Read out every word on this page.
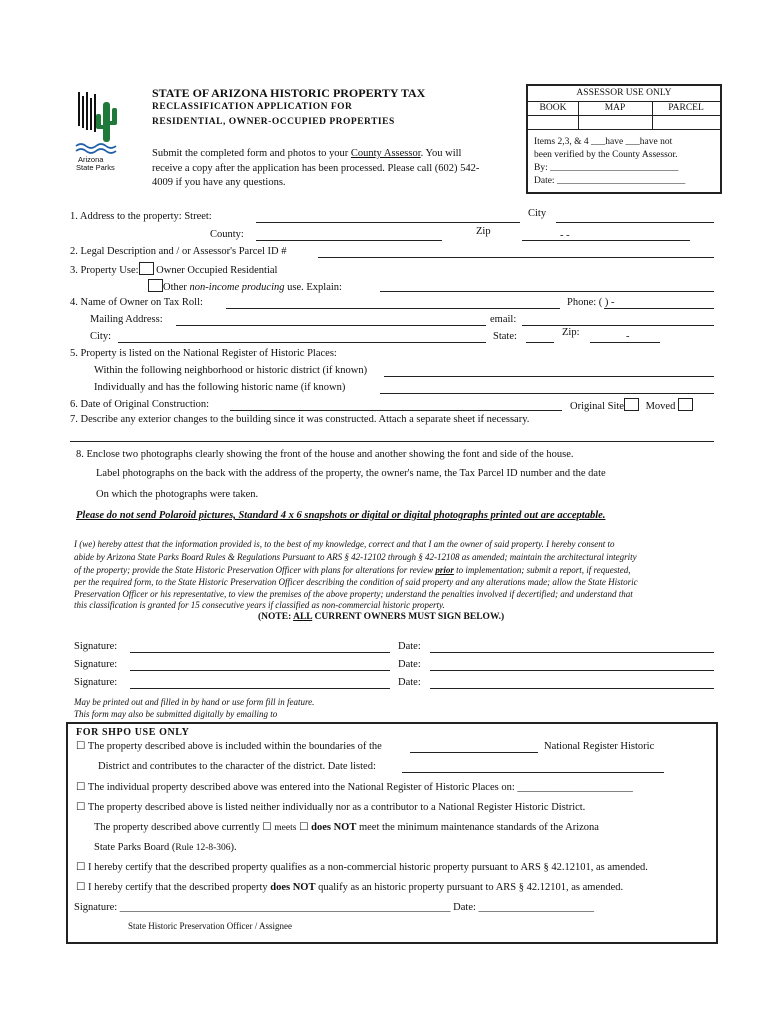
Arizona
State Parks
STATE OF ARIZONA HISTORIC PROPERTY TAX
RECLASSIFICATION APPLICATION FOR
RESIDENTIAL, OWNER-OCCUPIED PROPERTIES
Submit the completed form and photos to your County Assessor. You will
receive a copy after the application has been processed. Please call (602) 542-
4009 if you have any questions.
ASSESSOR USE ONLY
BOOK	MAP	PARCEL
Items 2,3, & 4 ___have ___have not
been verified by the County Assessor.
By: ___________________________
Date: ___________________________
1. Address to the property: Street:	City
County:	Zip	- -
2. Legal Description and / or Assessor's Parcel ID #
3. Property Use: Owner Occupied Residential
Other non-income producing use. Explain:
4. Name of Owner on Tax Roll:	Phone: ( ) -
Mailing Address:	email:
City:	State:	Zip:	-
5. Property is listed on the National Register of Historic Places:
Within the following neighborhood or historic district (if known)
Individually and has the following historic name (if known)
6. Date of Original Construction:	Original Site Moved
7. Describe any exterior changes to the building since it was constructed. Attach a separate sheet if necessary.
8. Enclose two photographs clearly showing the front of the house and another showing the font and side of the house.
Label photographs on the back with the address of the property, the owner's name, the Tax Parcel ID number and the date
On which the photographs were taken.
Please do not send Polaroid pictures, Standard 4 x 6 snapshots or digital or digital photographs printed out are acceptable.
I (we) hereby attest that the information provided is, to the best of my knowledge, correct and that I am the owner of said property. I hereby consent to
abide by Arizona State Parks Board Rules & Regulations Pursuant to ARS § 42-12102 through § 42-12108 as amended; maintain the architectural integrity
of the property; provide the State Historic Preservation Officer with plans for alterations for review prior to implementation; submit a report, if requested,
per the required form, to the State Historic Preservation Officer describing the condition of said property and any alterations made; allow the State Historic
Preservation Officer or his representative, to view the premises of the above property; understand the penalties involved if decertified; and understand that
this classification is granted for 15 consecutive years if classified as non-commercial historic property.
(NOTE: ALL CURRENT OWNERS MUST SIGN BELOW.)
Signature:	Date:
Signature:	Date:
Signature:	Date:
May be printed out and filled in by hand or use form fill in feature.
This form may also be submitted digitally by emailing to
FOR SHPO USE ONLY
☐ The property described above is included within the boundaries of the	National Register Historic
District and contributes to the character of the district. Date listed:
☐ The individual property described above was entered into the National Register of Historic Places on: ______________________
☐ The property described above is listed neither individually nor as a contributor to a National Register Historic District.
The property described above currently ☐ meets ☐ does NOT meet the minimum maintenance standards of the Arizona
State Parks Board (Rule 12-8-306).
☐ I hereby certify that the described property qualifies as a non-commercial historic property pursuant to ARS § 42.12101, as amended.
☐ I hereby certify that the described property does NOT qualify as an historic property pursuant to ARS § 42.12101, as amended.
Signature: _______________________________________________________________ Date: ______________________
State Historic Preservation Officer / Assignee
